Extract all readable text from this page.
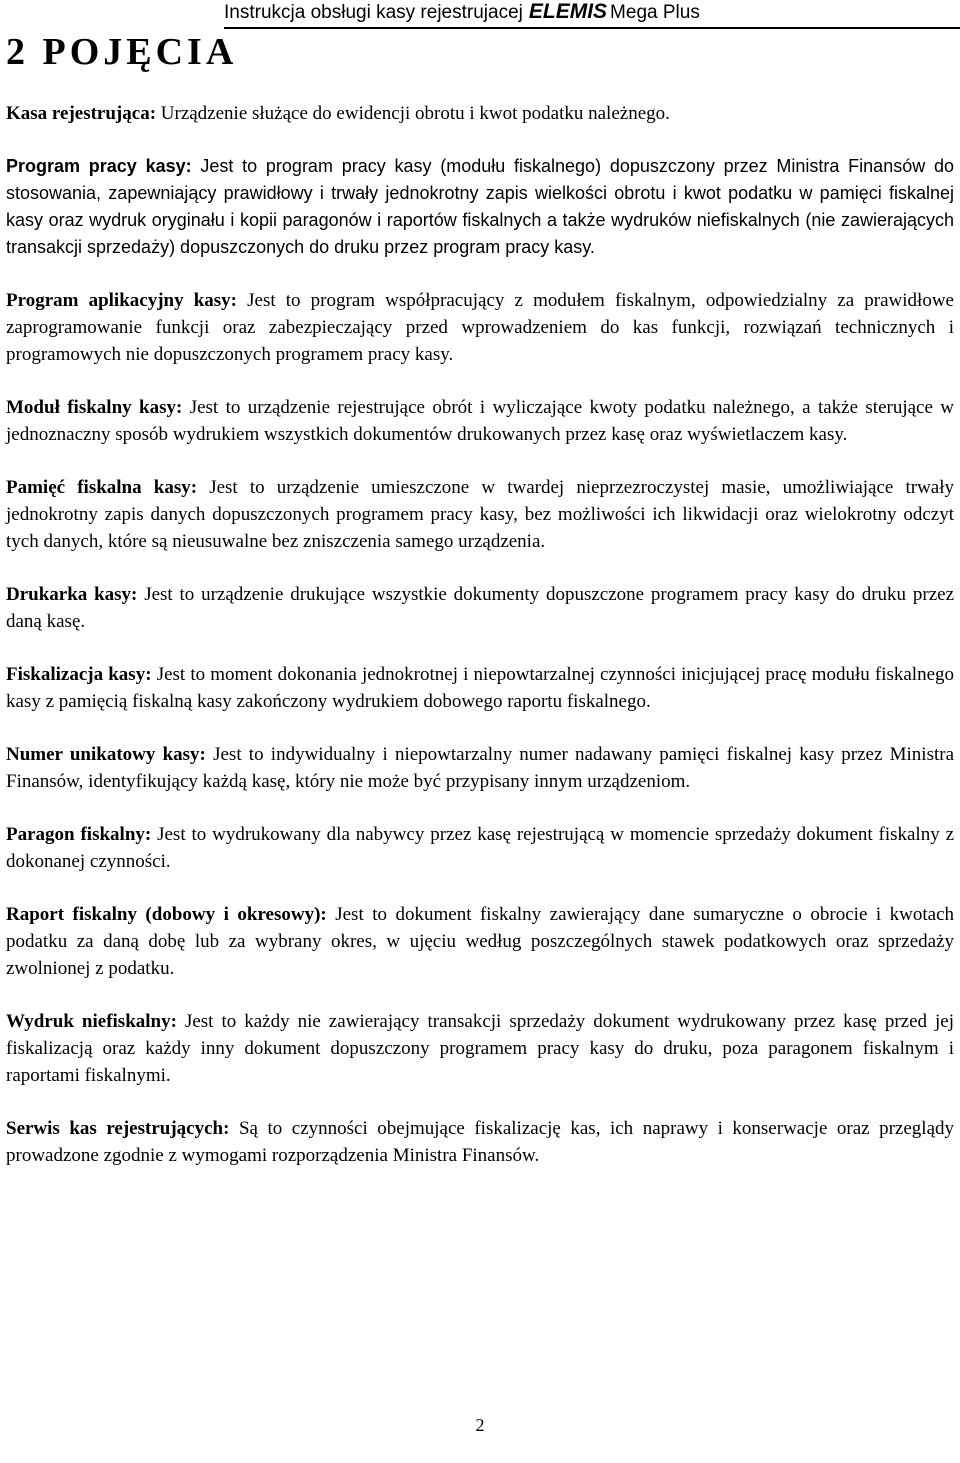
Instrukcja obsługi kasy rejestrujacej ELEMIS Mega Plus
2 POJĘCIA

Kasa rejestrująca: Urządzenie służące do ewidencji obrotu i kwot podatku należnego.

Program pracy kasy: Jest to program pracy kasy (modułu fiskalnego) dopuszczony przez Ministra Finansów do stosowania, zapewniający prawidłowy i trwały jednokrotny zapis wielkości obrotu i kwot podatku w pamięci fiskalnej kasy oraz wydruk oryginału i kopii paragonów i raportów fiskalnych a także wydruków niefiskalnych (nie zawierających transakcji sprzedaży) dopuszczonych do druku przez program pracy kasy.

Program aplikacyjny kasy: Jest to program współpracujący z modułem fiskalnym, odpowiedzialny za prawidłowe zaprogramowanie funkcji oraz zabezpieczający przed wprowadzeniem do kas funkcji, rozwiązań technicznych i programowych nie dopuszczonych programem pracy kasy.

Moduł fiskalny kasy: Jest to urządzenie rejestrujące obrót i wyliczające kwoty podatku należnego, a także sterujące w jednoznaczny sposób wydrukiem wszystkich dokumentów drukowanych przez kasę oraz wyświetlaczem kasy.

Pamięć fiskalna kasy: Jest to urządzenie umieszczone w twardej nieprzezroczystej masie, umożliwiające trwały jednokrotny zapis danych dopuszczonych programem pracy kasy, bez możliwości ich likwidacji oraz wielokrotny odczyt tych danych, które są nieusuwalne bez zniszczenia samego urządzenia.

Drukarka kasy: Jest to urządzenie drukujące wszystkie dokumenty dopuszczone programem pracy kasy do druku przez daną kasę.

Fiskalizacja kasy: Jest to moment dokonania jednokrotnej i niepowtarzalnej czynności inicjującej pracę modułu fiskalnego kasy z pamięcią fiskalną kasy zakończony wydrukiem dobowego raportu fiskalnego.

Numer unikatowy kasy: Jest to indywidualny i niepowtarzalny numer nadawany pamięci fiskalnej kasy przez Ministra Finansów, identyfikujący każdą kasę, który nie może być przypisany innym urządzeniom.

Paragon fiskalny: Jest to wydrukowany dla nabywcy przez kasę rejestrującą w momencie sprzedaży dokument fiskalny z dokonanej czynności.

Raport fiskalny (dobowy i okresowy): Jest to dokument fiskalny zawierający dane sumaryczne o obrocie i kwotach podatku za daną dobę lub za wybrany okres, w ujęciu według poszczególnych stawek podatkowych oraz sprzedaży zwolnionej z podatku.

Wydruk niefiskalny: Jest to każdy nie zawierający transakcji sprzedaży dokument wydrukowany przez kasę przed jej fiskalizacją oraz każdy inny dokument dopuszczony programem pracy kasy do druku, poza paragonem fiskalnym i raportami fiskalnymi.

Serwis kas rejestrujących: Są to czynności obejmujące fiskalizację kas, ich naprawy i konserwacje oraz przeglądy prowadzone zgodnie z wymogami rozporządzenia Ministra Finansów.

2
